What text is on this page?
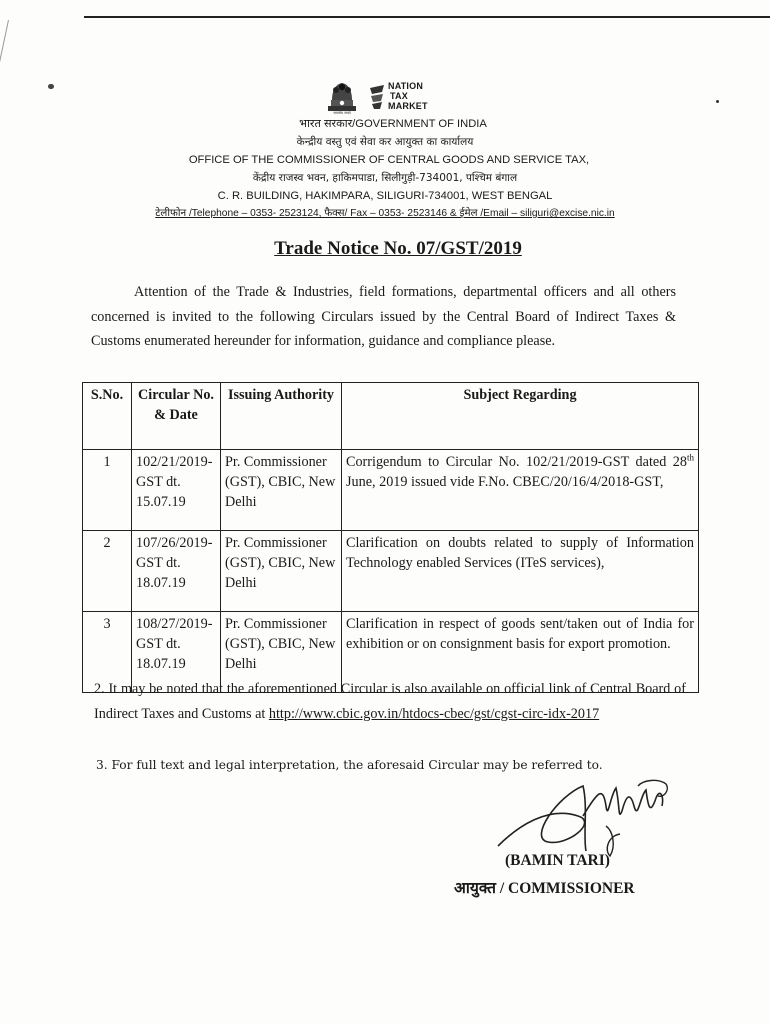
सत्यमेव जयते
NATION
TAX
MARKET
भारत सरकार/GOVERNMENT OF INDIA
केन्द्रीय वस्तु एवं सेवा कर आयुक्त का कार्यालय
OFFICE OF THE COMMISSIONER OF CENTRAL GOODS AND SERVICE TAX,
केंद्रीय राजस्व भवन, हाकिमपाडा, सिलीगुड़ी-734001, पश्चिम बंगाल
C. R. BUILDING, HAKIMPARA, SILIGURI-734001, WEST BENGAL
टेलीफोन /Telephone – 0353- 2523124, फैक्स/ Fax – 0353- 2523146 & ईमेल /Email – siliguri@excise.nic.in
Trade Notice No. 07/GST/2019
Attention of the Trade & Industries, field formations, departmental officers and all others concerned is invited to the following Circulars issued by the Central Board of Indirect Taxes & Customs enumerated hereunder for information, guidance and compliance please.
S.No.	Circular No. & Date	Issuing Authority	Subject Regarding
1	102/21/2019-GST dt. 15.07.19	Pr. Commissioner (GST), CBIC, New Delhi	Corrigendum to Circular No. 102/21/2019-GST dated 28th June, 2019 issued vide F.No. CBEC/20/16/4/2018-GST,
2	107/26/2019-GST dt. 18.07.19	Pr. Commissioner (GST), CBIC, New Delhi	Clarification on doubts related to supply of Information Technology enabled Services (ITeS services),
3	108/27/2019-GST dt. 18.07.19	Pr. Commissioner (GST), CBIC, New Delhi	Clarification in respect of goods sent/taken out of India for exhibition or on consignment basis for export promotion.
2. It may be noted that the aforementioned Circular is also available on official link of Central Board of Indirect Taxes and Customs at http://www.cbic.gov.in/htdocs-cbec/gst/cgst-circ-idx-2017
3. For full text and legal interpretation, the aforesaid Circular may be referred to.
(BAMIN TARI)
आयुक्त / COMMISSIONER
